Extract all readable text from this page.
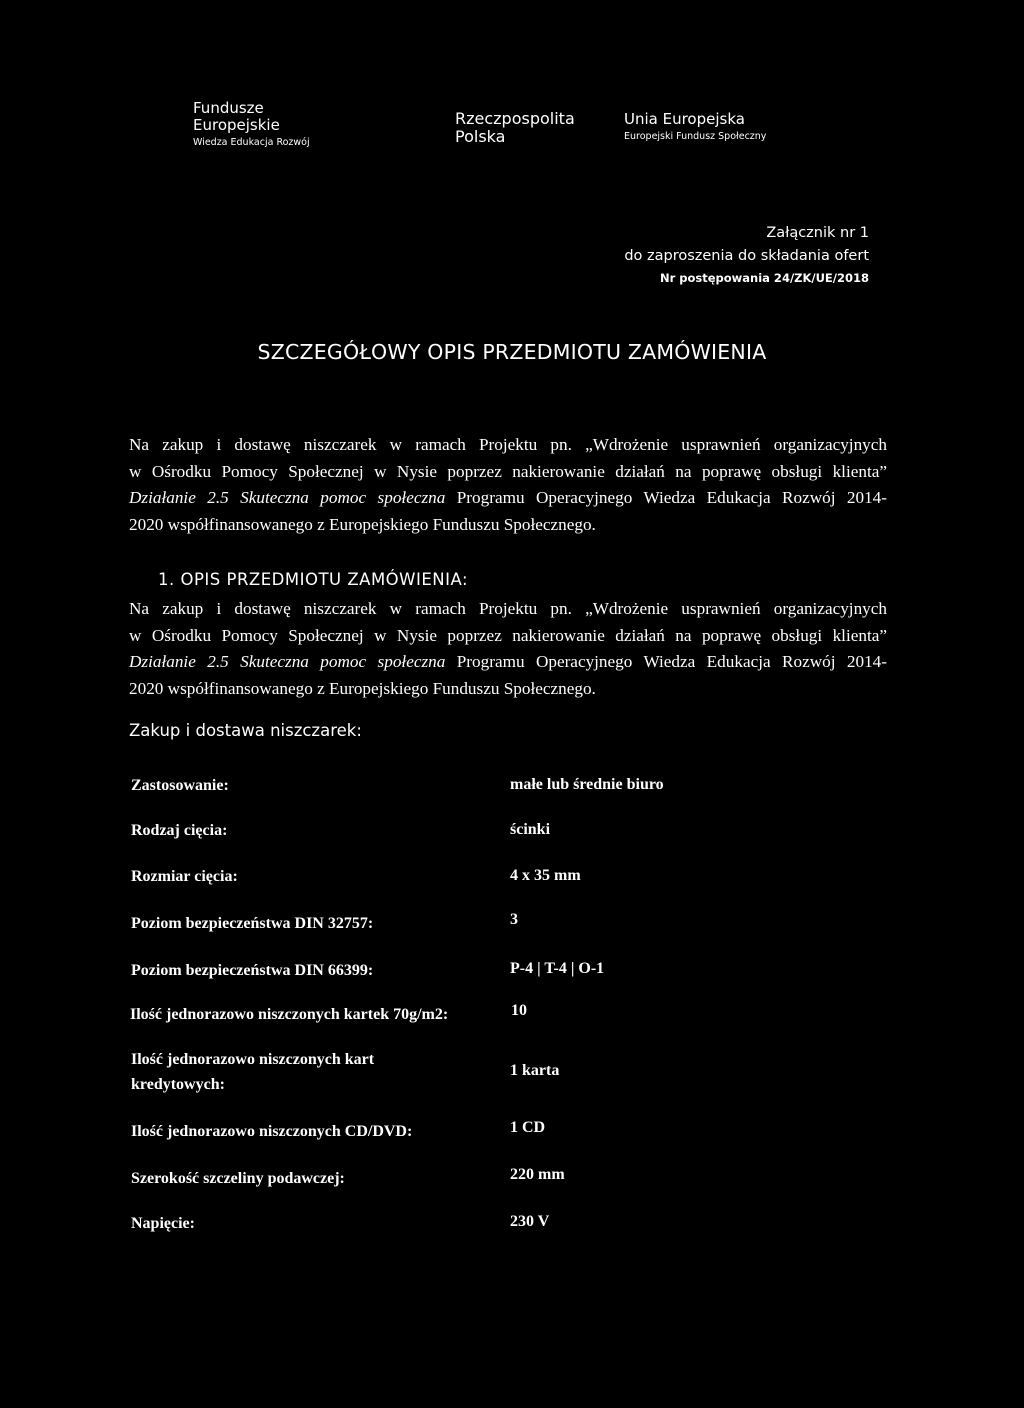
Fundusze
Europejskie
Wiedza Edukacja Rozwój
Rzeczpospolita
Polska
Unia Europejska
Europejski Fundusz Społeczny
Załącznik nr 1
do zaproszenia do składania ofert
Nr postępowania 24/ZK/UE/2018
SZCZEGÓŁOWY OPIS PRZEDMIOTU ZAMÓWIENIA
Na zakup i dostawę niszczarek w ramach Projektu pn. „Wdrożenie usprawnień organizacyjnych
w Ośrodku Pomocy Społecznej w Nysie poprzez nakierowanie działań na poprawę obsługi klienta”
Działanie 2.5 Skuteczna pomoc społeczna Programu Operacyjnego Wiedza Edukacja Rozwój 2014-
2020 współfinansowanego z Europejskiego Funduszu Społecznego.
1. OPIS PRZEDMIOTU ZAMÓWIENIA:
Na zakup i dostawę niszczarek w ramach Projektu pn. „Wdrożenie usprawnień organizacyjnych
w Ośrodku Pomocy Społecznej w Nysie poprzez nakierowanie działań na poprawę obsługi klienta”
Działanie 2.5 Skuteczna pomoc społeczna Programu Operacyjnego Wiedza Edukacja Rozwój 2014-
2020 współfinansowanego z Europejskiego Funduszu Społecznego.
Zakup i dostawa niszczarek:
Zastosowanie:	małe lub średnie biuro
Rodzaj cięcia:	ścinki
Rozmiar cięcia:	4 x 35 mm
Poziom bezpieczeństwa DIN 32757:	3
Poziom bezpieczeństwa DIN 66399:	P-4 | T-4 | O-1
Ilość jednorazowo niszczonych kartek 70g/m2:	10
Ilość jednorazowo niszczonych kart kredytowych:
1 karta
Ilość jednorazowo niszczonych CD/DVD:	1 CD
Szerokość szczeliny podawczej:	220 mm
Napięcie:	230 V
